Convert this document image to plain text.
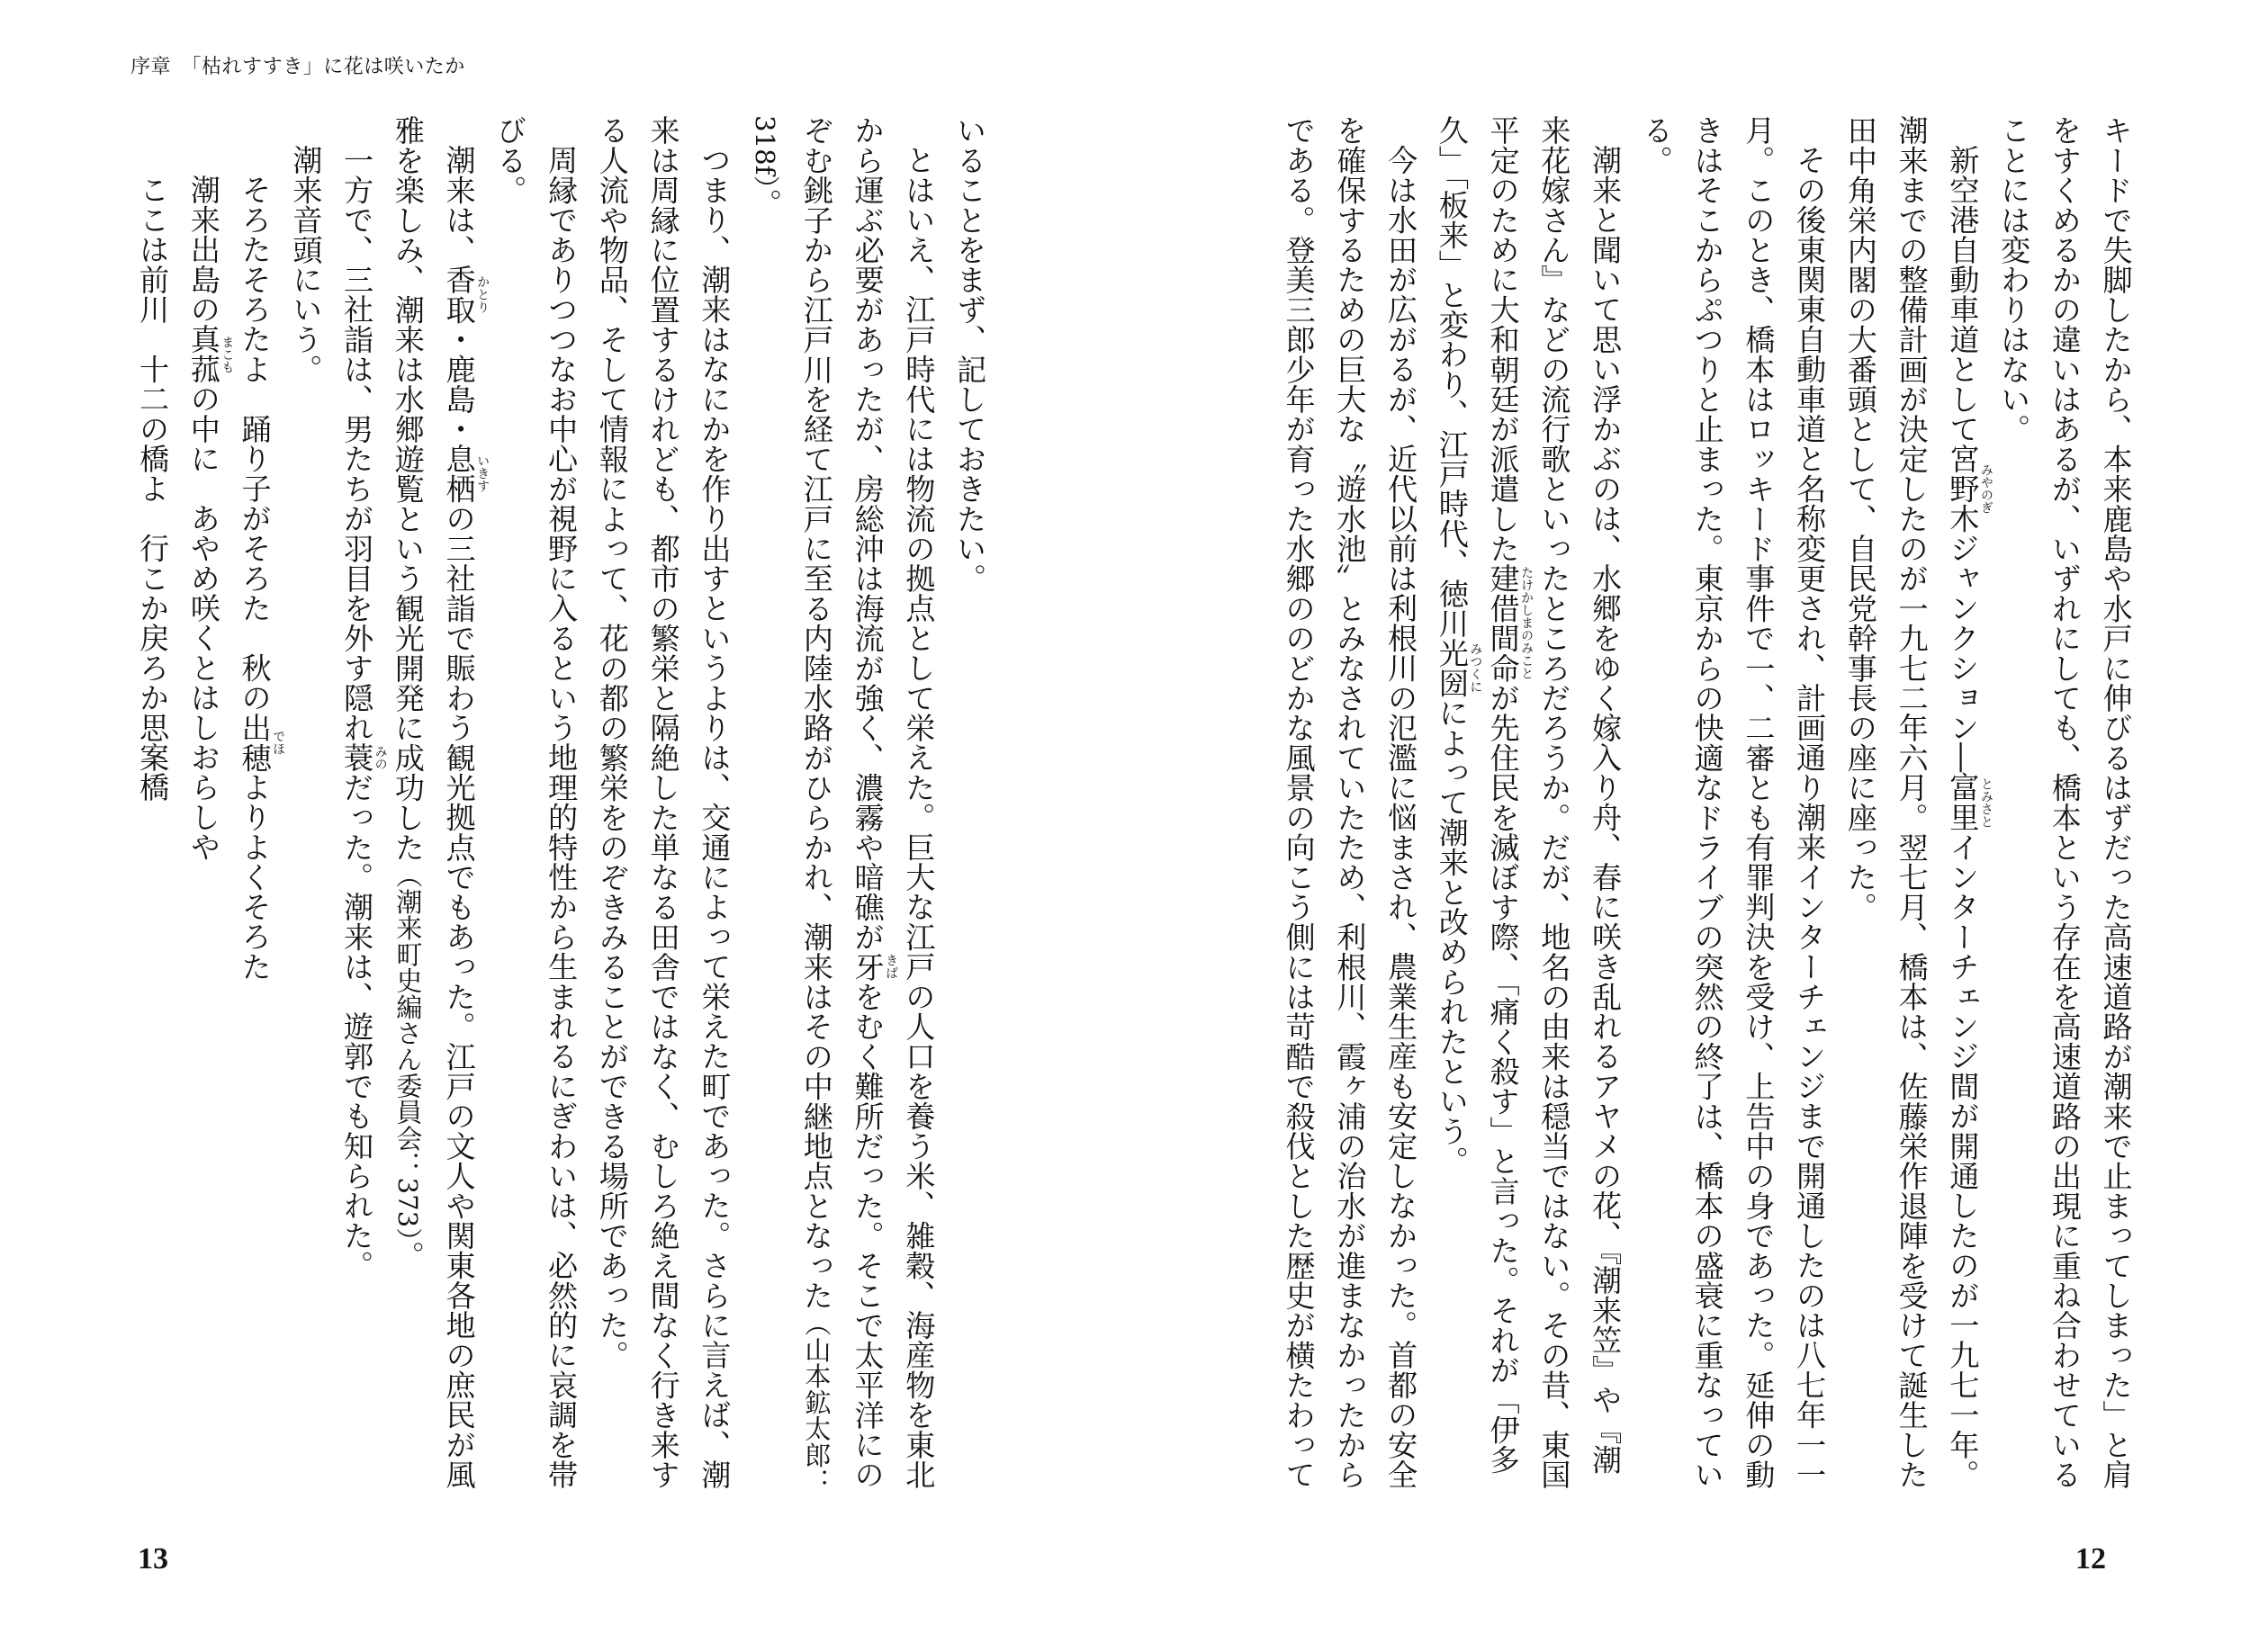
序章　「枯れすすき」に花は咲いたか
いることをまず、記しておきたい。
とはいえ、江戸時代には物流の拠点として栄えた。巨大な江戸の人口を養う米、雑穀、海産物を東北
から運ぶ必要があったが、房総沖は海流が強く、濃霧や暗礁が牙
きば
をむく難所だった。そこで太平洋にの
ぞむ銚子から江戸川を経て江戸に至る内陸水路がひらかれ、潮来はその中継地点となった（山本鉱太郎：
318f）。
つまり、潮来はなにかを作り出すというよりは、交通によって栄えた町であった。さらに言えば、潮
来は周縁に位置するけれども、都市の繁栄と隔絶した単なる田舎ではなく、むしろ絶え間なく行き来す
る人流や物品、そして情報によって、花の都の繁栄をのぞきみることができる場所であった。
周縁でありつつなお中心が視野に入るという地理的特性から生まれるにぎわいは、必然的に哀調を帯
びる。
潮来は、香取
かとり
・鹿島・息栖
いきす
の三社詣で賑わう観光拠点でもあった。江戸の文人や関東各地の庶民が風
雅を楽しみ、潮来は水郷遊覧という観光開発に成功した（潮来町史編さん委員会：373）。
一方で、三社詣は、男たちが羽目を外す隠れ蓑
みの
だった。潮来は、遊郭でも知られた。
潮来音頭にいう。
そろたそろたよ　踊り子がそろた　秋の出穂
でほ
よりよくそろた
潮来出島の真菰
まこも
の中に　あやめ咲くとはしおらしや
ここは前川　十二の橋よ　行こか戻ろか思案橋
13
キードで失脚したから、本来鹿島や水戸に伸びるはずだった高速道路が潮来で止まってしまった」と肩
をすくめるかの違いはあるが、いずれにしても、橋本という存在を高速道路の出現に重ね合わせている
ことには変わりはない。
新空港自動車道として宮野木
みやのぎ
ジャンクション―富里
とみさと
インターチェンジ間が開通したのが一九七一年。
潮来までの整備計画が決定したのが一九七二年六月。翌七月、橋本は、佐藤栄作退陣を受けて誕生した
田中角栄内閣の大番頭として、自民党幹事長の座に座った。
その後東関東自動車道と名称変更され、計画通り潮来インターチェンジまで開通したのは八七年一一
月。このとき、橋本はロッキード事件で一、二審とも有罪判決を受け、上告中の身であった。延伸の動
きはそこからぷつりと止まった。東京からの快適なドライブの突然の終了は、橋本の盛衰に重なってい
る。
潮来と聞いて思い浮かぶのは、水郷をゆく嫁入り舟、春に咲き乱れるアヤメの花、『潮来笠』や『潮
来花嫁さん』などの流行歌といったところだろうか。だが、地名の由来は穏当ではない。その昔、東国
平定のために大和朝廷が派遣した建借間命
たけかしまのみこと
が先住民を滅ぼす際、「痛く殺す」と言った。それが「伊多
久」「板来」と変わり、江戸時代、徳川光圀
みつくに
によって潮来と改められたという。
今は水田が広がるが、近代以前は利根川の氾濫に悩まされ、農業生産も安定しなかった。首都の安全
を確保するための巨大な〝遊水池〟とみなされていたため、利根川、霞ヶ浦の治水が進まなかったから
である。登美三郎少年が育った水郷ののどかな風景の向こう側には苛酷で殺伐とした歴史が横たわって
12
